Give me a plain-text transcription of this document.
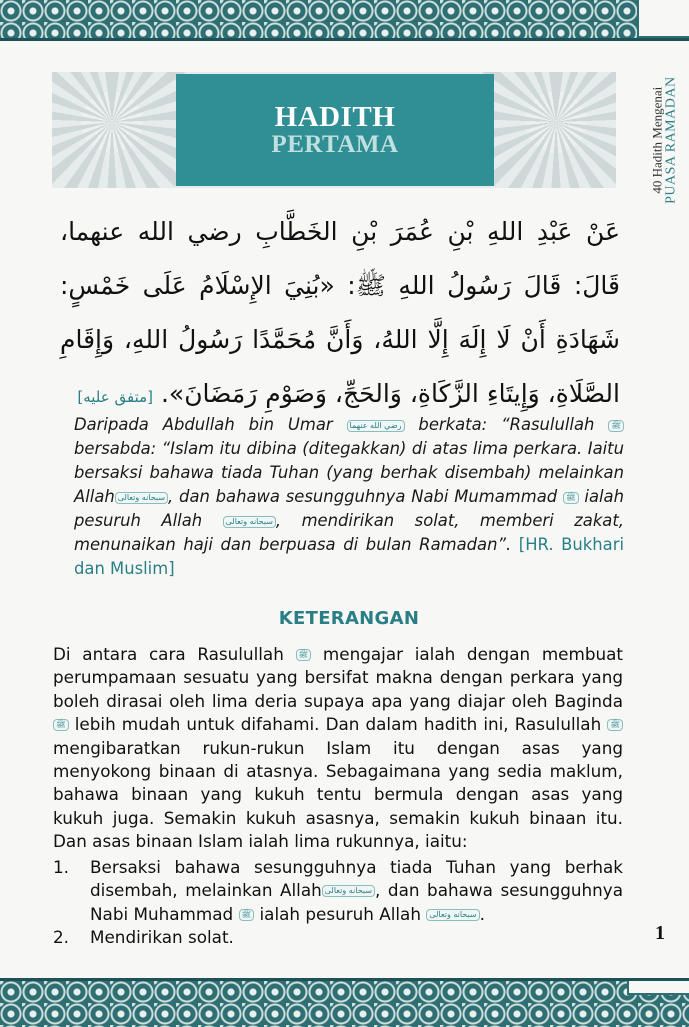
40 Hadith Mengenai
PUASA RAMADAN
HADITH
PERTAMA
عَنْ عَبْدِ اللهِ بْنِ عُمَرَ بْنِ الخَطَّابِ رضي الله عنهما، قَالَ: قَالَ رَسُولُ اللهِ ﷺ: «بُنِيَ الإِسْلَامُ عَلَى خَمْسٍ: شَهَادَةِ أَنْ لَا إِلَهَ إِلَّا اللهُ، وَأَنَّ مُحَمَّدًا رَسُولُ اللهِ، وَإِقَامِ الصَّلَاةِ، وَإِيتَاءِ الزَّكَاةِ، وَالحَجِّ، وَصَوْمِ رَمَضَانَ». [متفق عليه]
Daripada Abdullah bin Umar رضي الله عنهما berkata: “Rasulullah ﷺ bersabda: “Islam itu dibina (ditegakkan) di atas lima perkara. Iaitu bersaksi bahawa tiada Tuhan (yang berhak disembah) melainkan Allah سبحانه وتعالى , dan bahawa sesungguhnya Nabi Mumammad ﷺ ialah pesuruh Allah	سبحانه وتعالى , mendirikan solat, memberi zakat, menunaikan haji dan berpuasa di bulan Ramadan”. [HR. Bukhari dan Muslim]
KETERANGAN
Di antara cara Rasulullah ﷺ mengajar ialah dengan membuat perumpamaan sesuatu yang bersifat makna dengan perkara yang boleh dirasai oleh lima deria supaya apa yang diajar oleh Baginda ﷺ lebih mudah untuk difahami. Dan dalam hadith ini, Rasulullah ﷺ mengibaratkan rukun-rukun Islam itu dengan asas yang menyokong binaan di atasnya. Sebagaimana yang sedia maklum, bahawa binaan yang kukuh tentu bermula dengan asas yang kukuh juga. Semakin kukuh asasnya, semakin kukuh binaan itu. Dan asas binaan Islam ialah lima rukunnya, iaitu:
1. Bersaksi bahawa sesungguhnya tiada Tuhan yang berhak disembah, melainkan Allah سبحانه وتعالى , dan bahawa sesungguhnya Nabi Muhammad ﷺ ialah pesuruh Allah سبحانه وتعالى .
2. Mendirikan solat.	1
